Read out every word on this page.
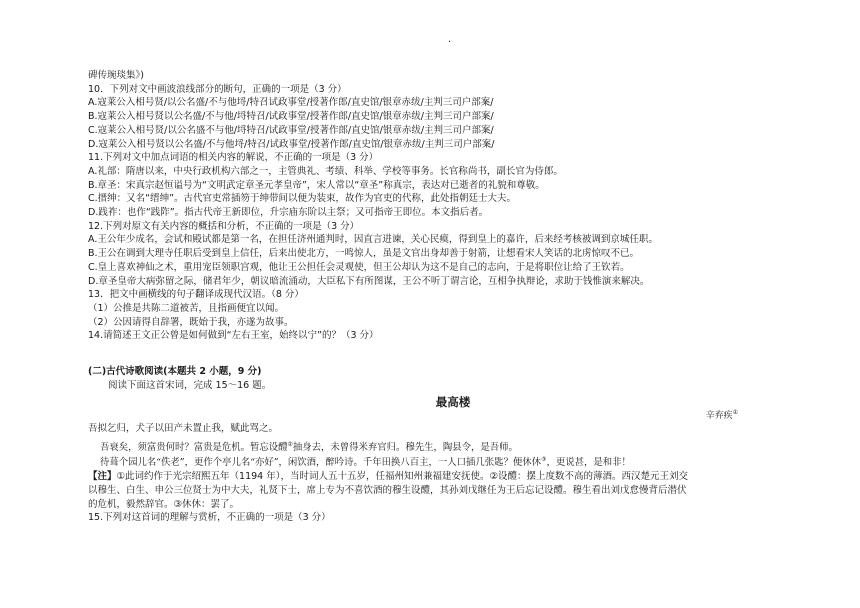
.
碑传琬琰集》)
10．下列对文中画波浪线部分的断句，正确的一项是（3 分）
A.寇莱公入相号贤/以公名盛/不与他埒/特召试政事堂/授著作郎/直史馆/银章赤绂/主判三司户部案/
B.寇莱公入相号贤以公名盛/不与他/埒特召/试政事堂/授著作郎/直史馆/银章赤绂/主判三司户部案/
C.寇莱公入相号贤/以公名盛不与他/埒特召/试政事堂/授著作郎/直史馆/银章赤绂/主判三司户部案/
D.寇莱公入相号贤以公名盛/不与他埒/特召/试政事堂/授著作郎/直史馆/银章赤绂/主判三司户部案/
11.下列对文中加点词语的相关内容的解说，不正确的一项是（3 分）
A.礼部：隋唐以来，中央行政机构六部之一，主管典礼、考绩、科举、学校等事务。长官称尚书，副长官为侍郎。
B.章圣：宋真宗赵恒谥号为“文明武定章圣元孝皇帝”，宋人常以“章圣”称真宗，表达对已逝者的礼貌和尊敬。
C.搢绅：又名“缙绅”。古代官吏常插笏于绅带间以便为装束，故作为官吏的代称，此处指朝廷士大夫。
D.践祚：也作“践阼”。指古代帝王新即位，升宗庙东阶以主祭；又可指帝王即位。本文指后者。
12.下列对原文有关内容的概括和分析，不正确的一项是（3 分）
A.王公年少成名，会试和殿试都是第一名，在担任济州通判时，因直言进谏，关心民瘼，得到皇上的嘉许，后来经考核被调到京城任职。
B.王公在调到大理寺任职后受到皇上信任，后来出使北方，一鸣惊人，虽是文官出身却善于射箭，让想看宋人笑话的北虏惊叹不已。
C.皇上喜欢神仙之术，重用宠臣领职宫观，他让王公担任会灵观使，但王公却认为这不是自己的志向，于是将职位让给了王钦若。
D.章圣皇帝大病弥留之际，储君年少，朝议暗流涌动，大臣私下有所图谋，王公不听丁谓言论，互相争执辩论，求助于钱惟演来解决。
13．把文中画横线的句子翻译成现代汉语。（8 分）
（1）公推是共陈二道被苦，且指画便宜以闻。
（2）公因请得自辞署，既始于我，亦遂为故事。
14.请简述王文正公曾是如何做到“左右王室，始终以宁”的？（3 分）
(二)古代诗歌阅读(本题共 2 小题，9 分)
阅读下面这首宋词，完成 15～16 题。
最高楼
辛弃疾①
吾拟乞归，犬子以田产未置止我，赋此骂之。
吾衰矣，须富贵何时？富贵是危机。暂忘设醴②抽身去，未曾得米弃官归。穆先生，陶县令，是吾师。
待葺个园儿名“佚老”，更作个亭儿名“亦好”，闲饮酒，醉吟诗。千年田换八百主，一人口插几张匙？便休休③，更说甚，是和非！
【注】①此词约作于光宗绍熙五年（1194 年），当时词人五十五岁，任福州知州兼福建安抚使。②设醴：摆上度数不高的薄酒。西汉楚元王刘交
以穆生、白生、申公三位贤士为中大夫，礼贤下士，席上专为不喜饮酒的穆生设醴，其孙刘戊继任为王后忘记设醴。穆生看出刘戊怠慢背后潜伏
的危机，毅然辞官。③休休：罢了。
15.下列对这首词的理解与赏析，不正确的一项是（3 分）
